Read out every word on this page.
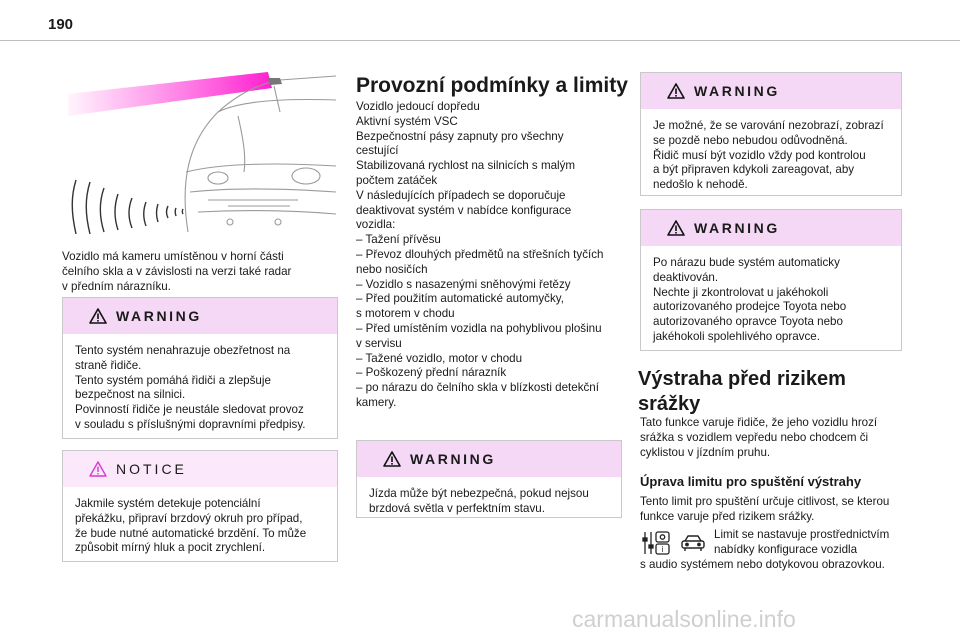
190
Vozidlo má kameru umístěnou v horní části
čelního skla a v závislosti na verzi také radar
v předním nárazníku.
WARNING
Tento systém nenahrazuje obezřetnost na
straně řidiče.
Tento systém pomáhá řidiči a zlepšuje
bezpečnost na silnici.
Povinností řidiče je neustále sledovat provoz
v souladu s příslušnými dopravními předpisy.
NOTICE
Jakmile systém detekuje potenciální
překážku, připraví brzdový okruh pro případ,
že bude nutné automatické brzdění. To může
způsobit mírný hluk a pocit zrychlení.
Provozní podmínky a limity
Vozidlo jedoucí dopředu
Aktivní systém VSC
Bezpečnostní pásy zapnuty pro všechny
cestující
Stabilizovaná rychlost na silnicích s malým
počtem zatáček
V následujících případech se doporučuje
deaktivovat systém v nabídce konfigurace
vozidla:
– Tažení přívěsu
– Převoz dlouhých předmětů na střešních tyčích
nebo nosičích
– Vozidlo s nasazenými sněhovými řetězy
– Před použitím automatické automyčky,
s motorem v chodu
– Před umístěním vozidla na pohyblivou plošinu
v servisu
– Tažené vozidlo, motor v chodu
– Poškozený přední nárazník
– po nárazu do čelního skla v blízkosti detekční
kamery.
WARNING
Jízda může být nebezpečná, pokud nejsou
brzdová světla v perfektním stavu.
WARNING
Je možné, že se varování nezobrazí, zobrazí
se pozdě nebo nebudou odůvodněná.
Řidič musí být vozidlo vždy pod kontrolou
a být připraven kdykoli zareagovat, aby
nedošlo k nehodě.
WARNING
Po nárazu bude systém automaticky
deaktivován.
Nechte ji zkontrolovat u jakéhokoli
autorizovaného prodejce Toyota nebo
autorizovaného opravce Toyota nebo
jakéhokoli spolehlivého opravce.
Výstraha před rizikem
srážky
Tato funkce varuje řidiče, že jeho vozidlu hrozí
srážka s vozidlem vepředu nebo chodcem či
cyklistou v jízdním pruhu.
Úprava limitu pro spuštění výstrahy
Tento limit pro spuštění určuje citlivost, se kterou
funkce varuje před rizikem srážky.
i
Limit se nastavuje prostřednictvím
nabídky konfigurace vozidla
s audio systémem nebo dotykovou obrazovkou.
carmanualsonline.info
